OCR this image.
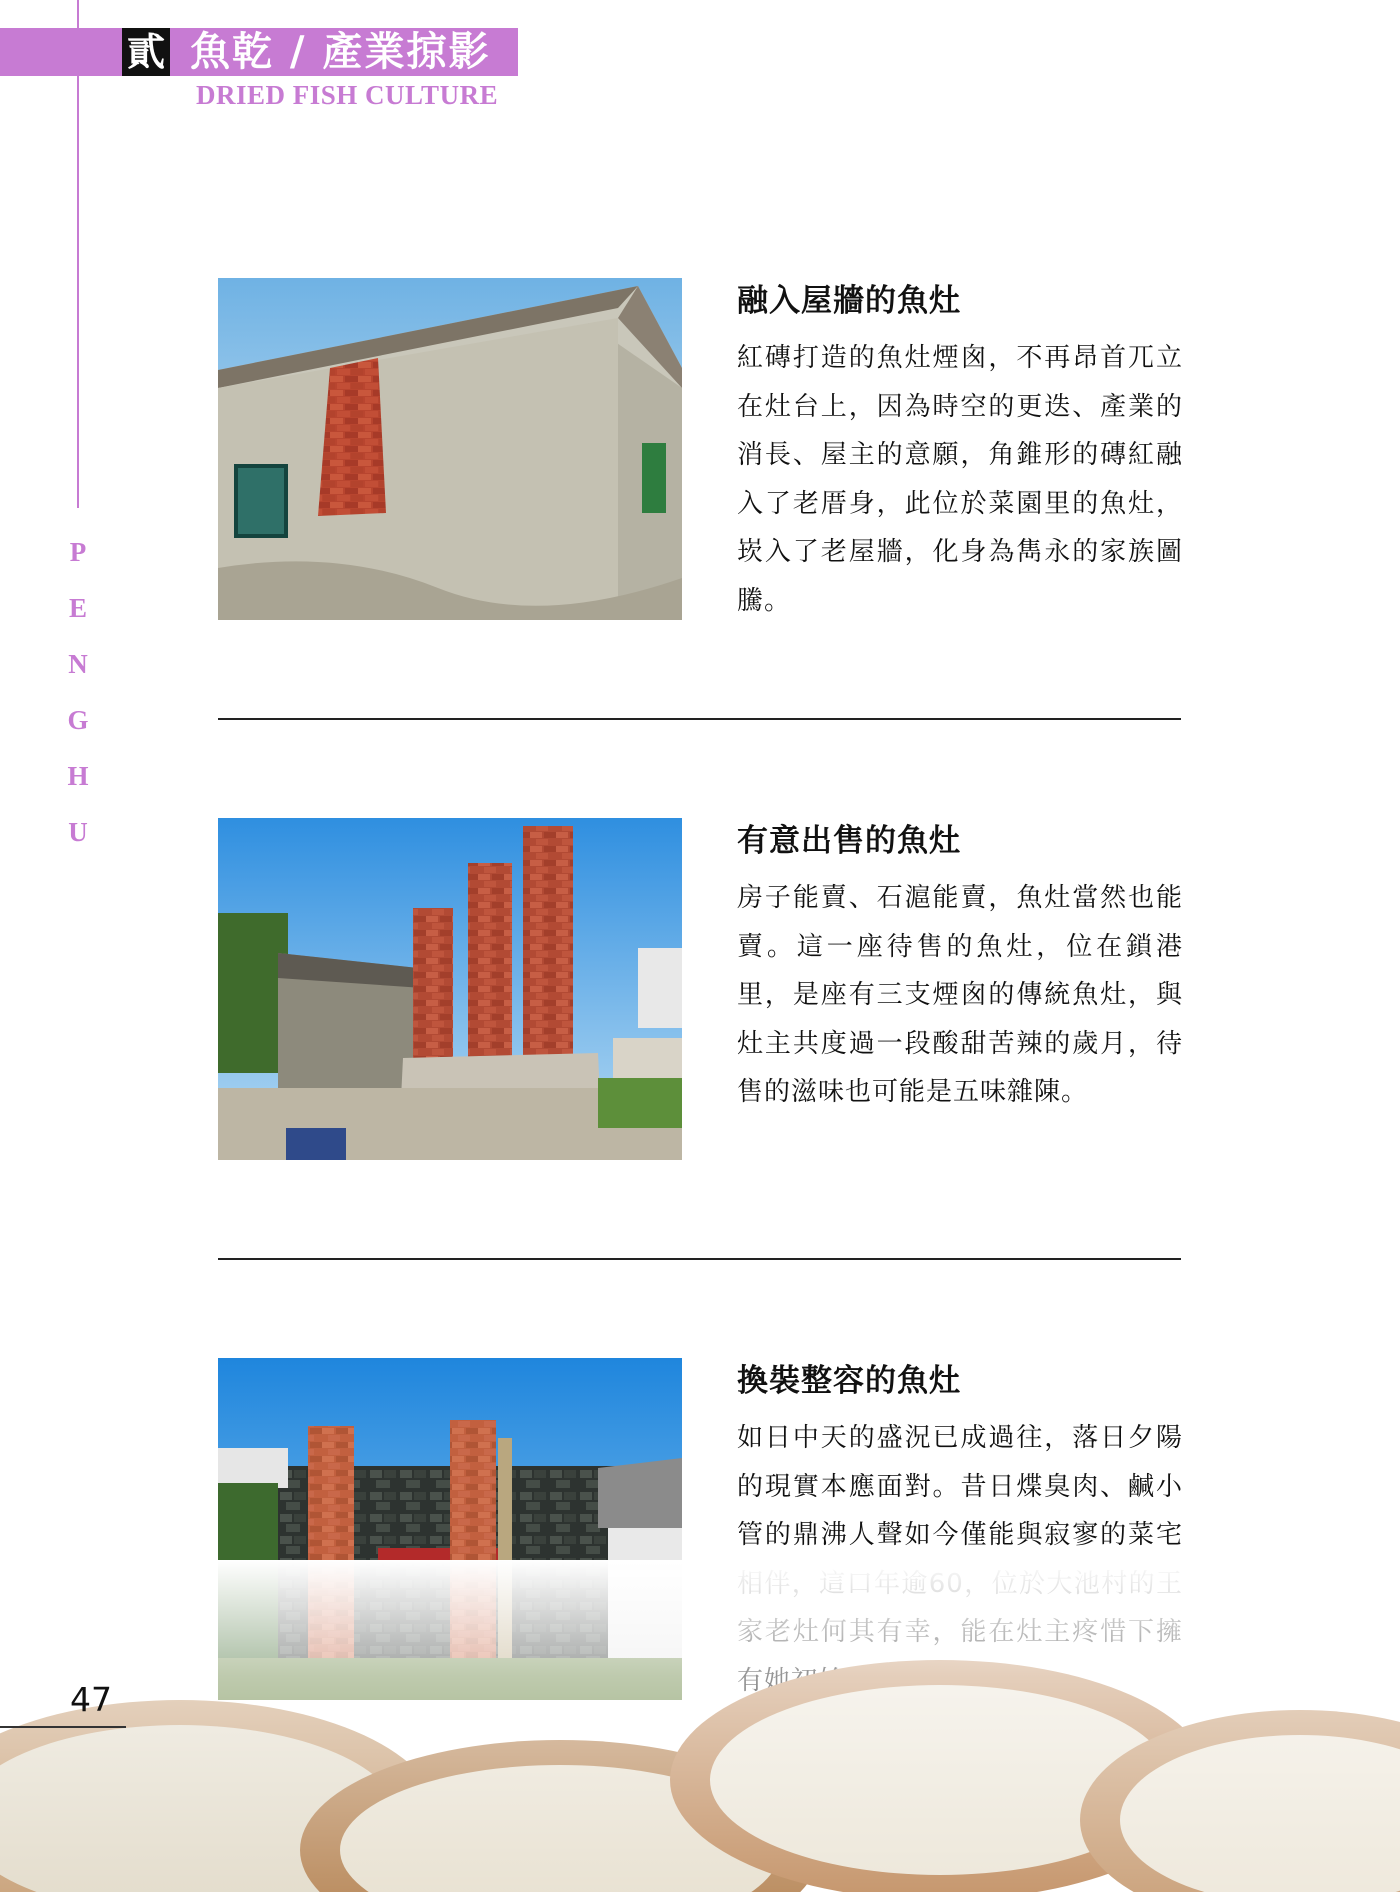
貳 魚乾 / 產業掠影
DRIED FISH CULTURE
P
E
N
G
H
U
融入屋牆的魚灶
紅磚打造的魚灶煙囪，不再昂首兀立在灶台上，因為時空的更迭、產業的消長、屋主的意願，角錐形的磚紅融入了老厝身，此位於菜園里的魚灶，崁入了老屋牆，化身為雋永的家族圖騰。
有意出售的魚灶
房子能賣、石滬能賣，魚灶當然也能賣。這一座待售的魚灶，位在鎖港里，是座有三支煙囪的傳統魚灶，與灶主共度過一段酸甜苦辣的歲月，待售的滋味也可能是五味雜陳。
換裝整容的魚灶
如日中天的盛況已成過往，落日夕陽的現實本應面對。昔日煠臭肉、鹹小管的鼎沸人聲如今僅能與寂寥的菜宅
47
